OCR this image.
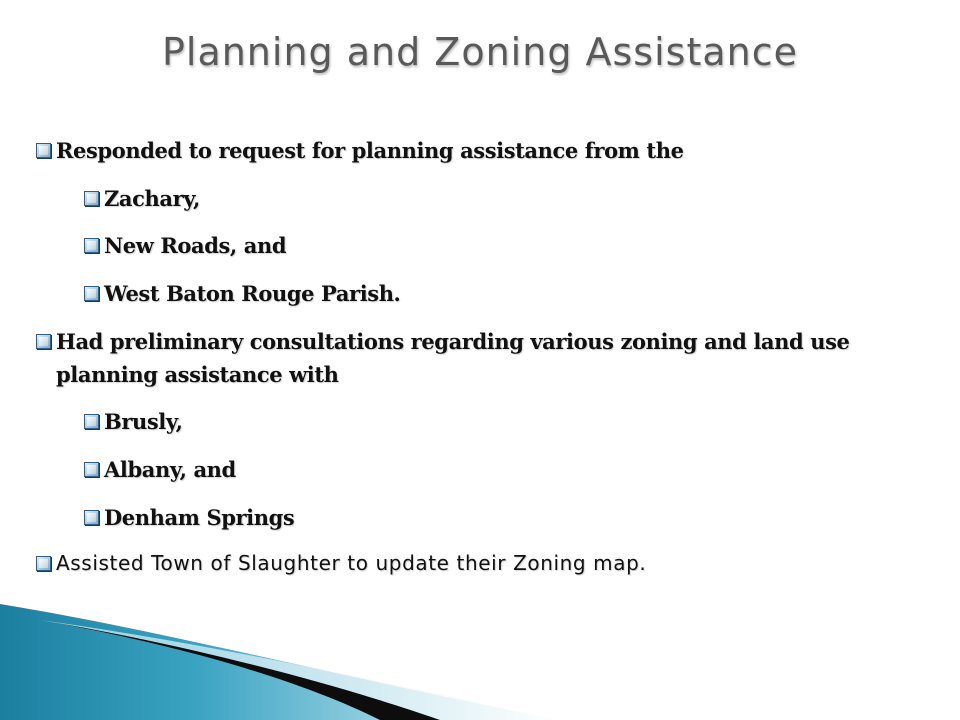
Planning and Zoning Assistance
Responded to request for planning assistance from the
Zachary,
New Roads, and
West Baton Rouge Parish.
Had preliminary consultations regarding various zoning and land use planning assistance with
Brusly,
Albany, and
Denham Springs
Assisted Town of Slaughter to update their Zoning map.
